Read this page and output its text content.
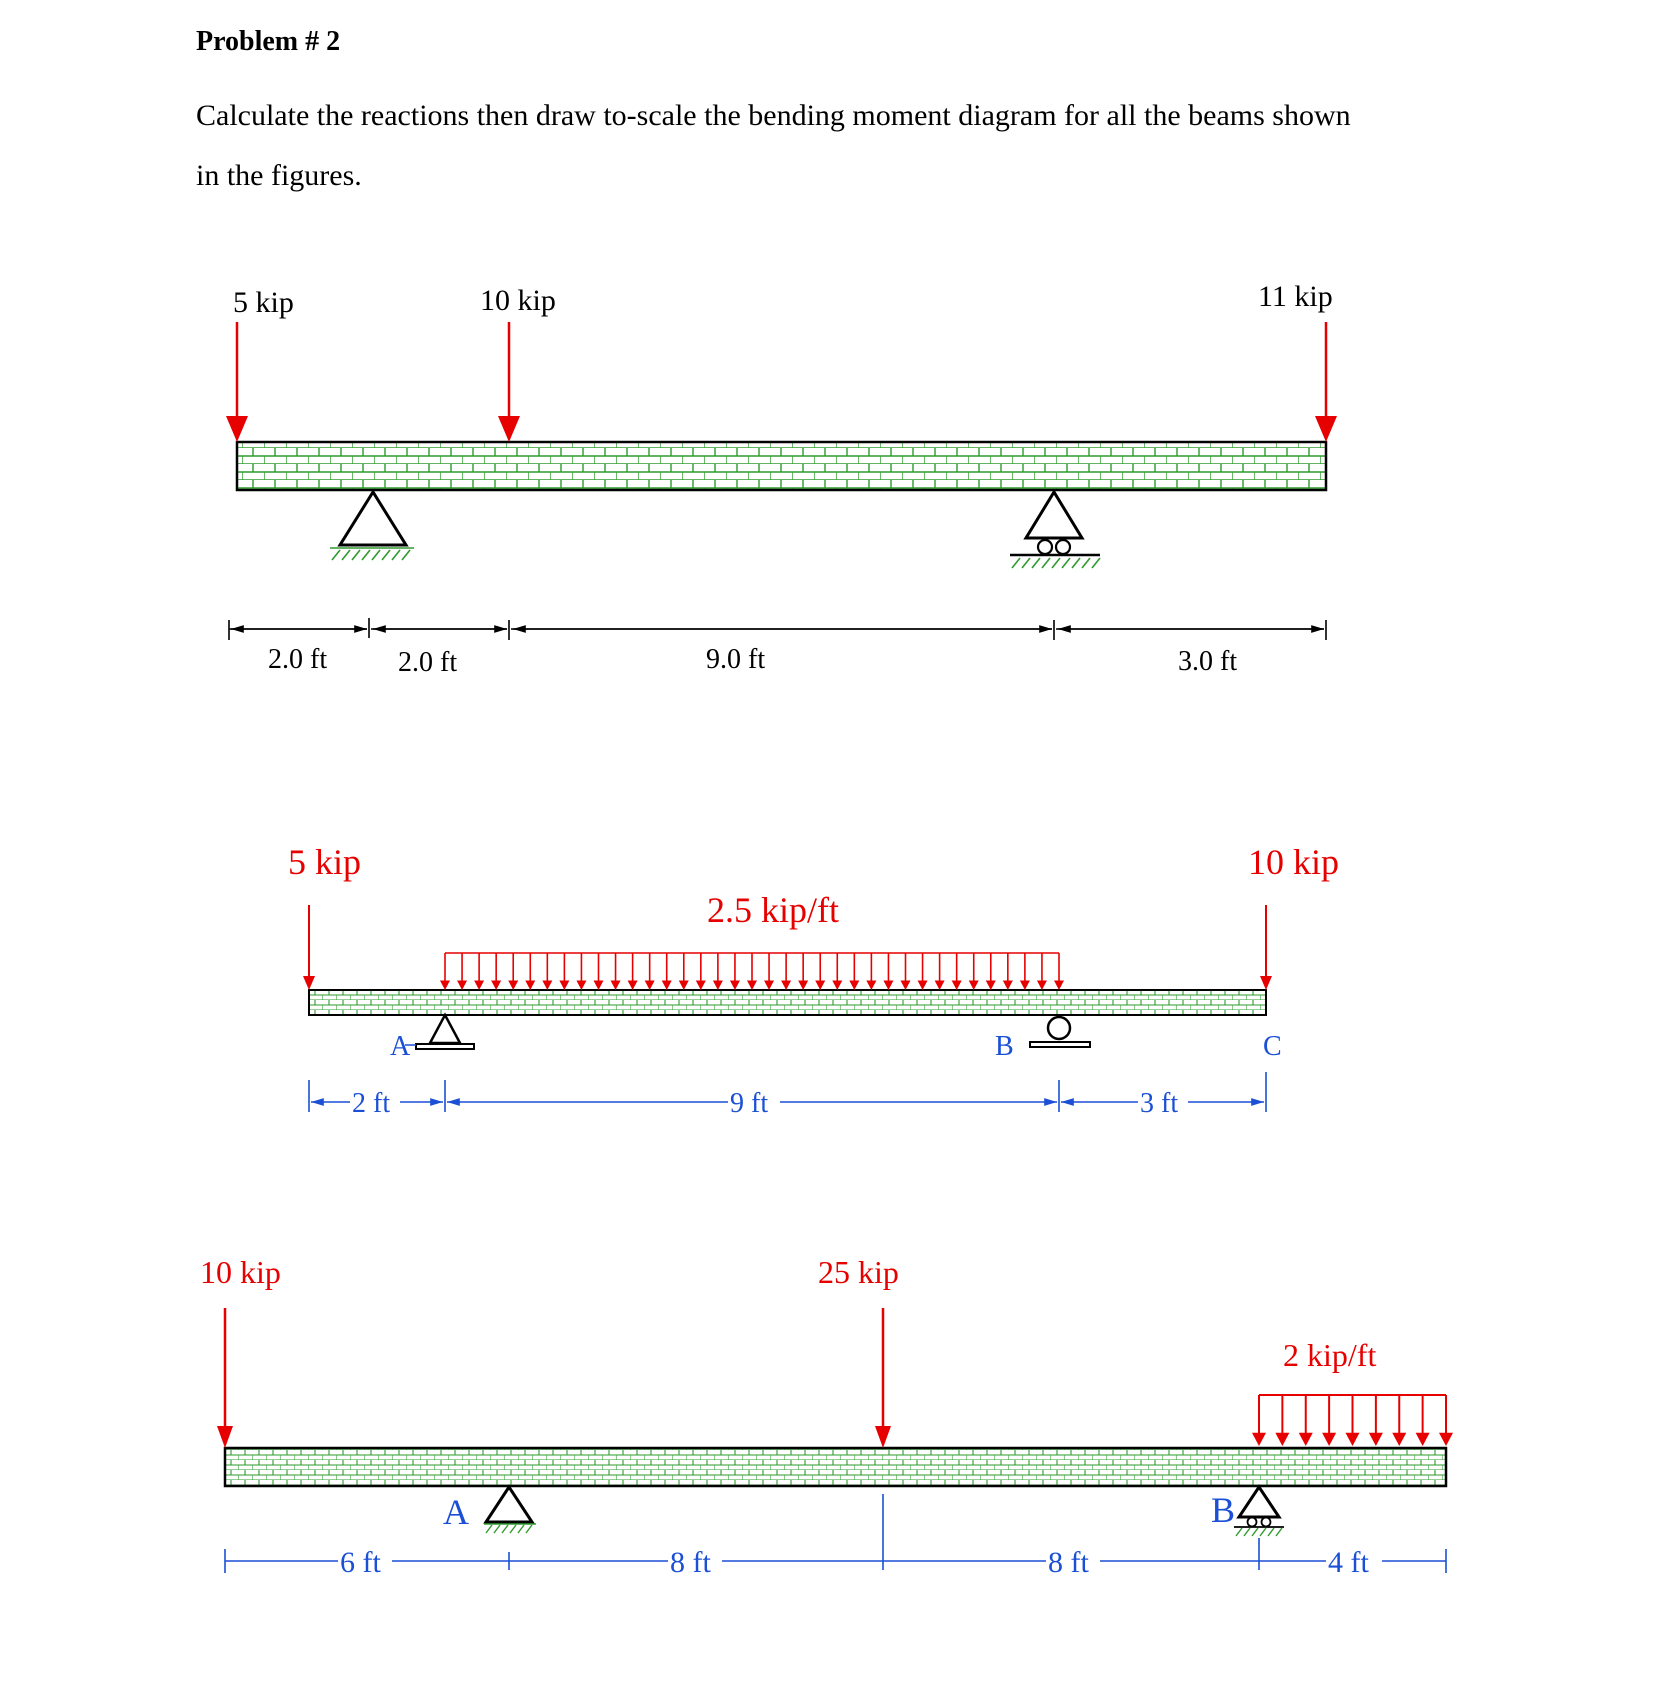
Problem # 2
Calculate the reactions then draw to-scale the bending moment diagram for all the beams shown
in the figures.
5 kip	10 kip	11 kip
2.0 ft	2.0 ft	9.0 ft	3.0 ft
5 kip	10 kip
2.5 kip/ft
A	B	C
2 ft	9 ft	3 ft
10 kip	25 kip
2 kip/ft
A	B
6 ft	8 ft	8 ft	4 ft
